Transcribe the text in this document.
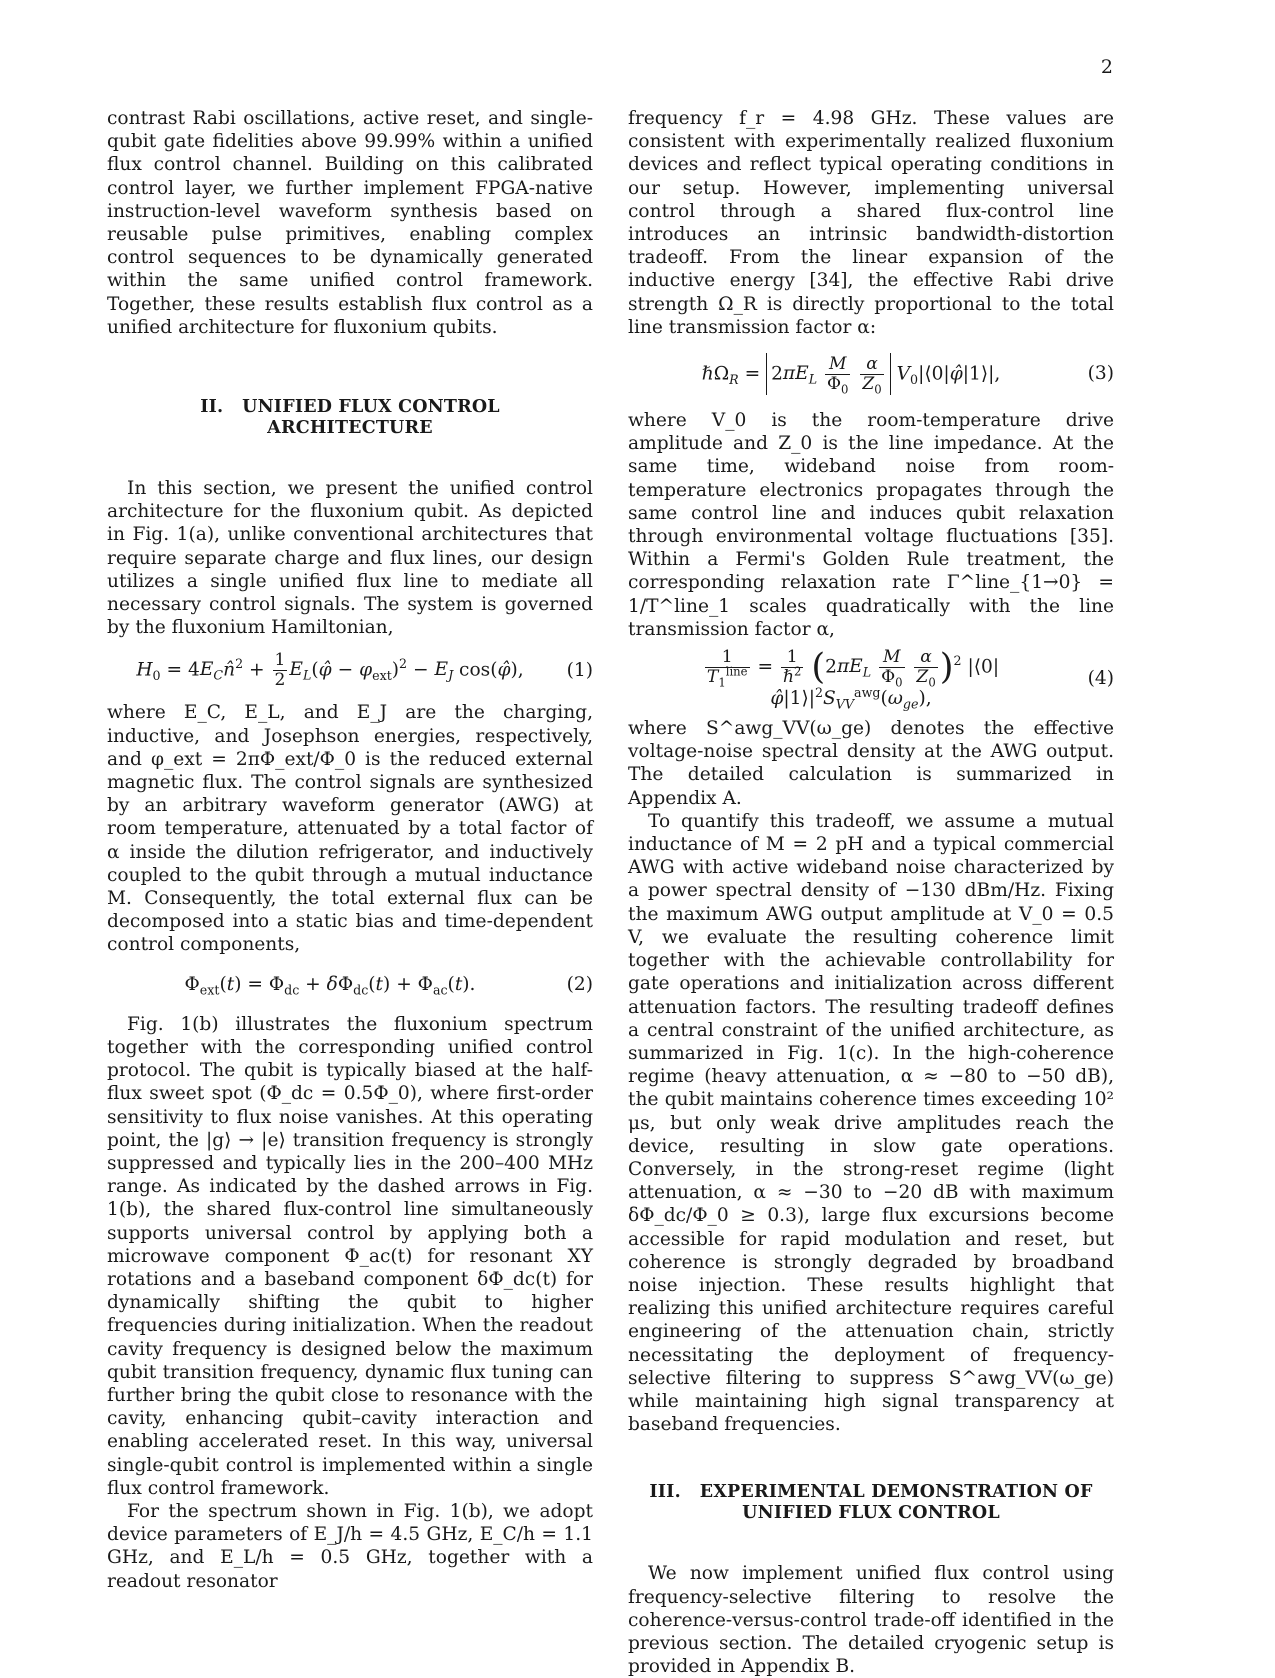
2

contrast Rabi oscillations, active reset, and single-qubit gate fidelities above 99.99% within a unified flux control channel. Building on this calibrated control layer, we further implement FPGA-native instruction-level waveform synthesis based on reusable pulse primitives, enabling complex control sequences to be dynamically generated within the same unified control framework. Together, these results establish flux control as a unified architecture for fluxonium qubits.

II.   UNIFIED FLUX CONTROL
ARCHITECTURE

In this section, we present the unified control architecture for the fluxonium qubit. As depicted in Fig. 1(a), unlike conventional architectures that require separate charge and flux lines, our design utilizes a single unified flux line to mediate all necessary control signals. The system is governed by the fluxonium Hamiltonian,

$H_0$ = $4E_Cn̂^2 + \frac{1}{2}$ $E_L(\varphî - \varphi_{ext})^2 - E_J$ cos(φ̂),	(1)

where E_C, E_L, and E_J are the charging, inductive, and Josephson energies, respectively, and φ_ext = 2πΦ_ext/Φ_0 is the reduced external magnetic flux. The control signals are synthesized by an arbitrary waveform generator (AWG) at room temperature, attenuated by a total factor of α inside the dilution refrigerator, and inductively coupled to the qubit through a mutual inductance M. Consequently, the total external flux can be decomposed into a static bias and time-dependent control components,

$\Phi_{ext}(t) = \Phi_{dc} + \delta\Phi_{dc}(t) + \Phi_{ac}(t)$.	(2)

Fig. 1(b) illustrates the fluxonium spectrum together with the corresponding unified control protocol. The qubit is typically biased at the half-flux sweet spot (Φ_dc = 0.5Φ_0), where first-order sensitivity to flux noise vanishes. At this operating point, the |g⟩ → |e⟩ transition frequency is strongly suppressed and typically lies in the 200–400 MHz range. As indicated by the dashed arrows in Fig. 1(b), the shared flux-control line simultaneously supports universal control by applying both a microwave component Φ_ac(t) for resonant XY rotations and a baseband component δΦ_dc(t) for dynamically shifting the qubit to higher frequencies during initialization. When the readout cavity frequency is designed below the maximum qubit transition frequency, dynamic flux tuning can further bring the qubit close to resonance with the cavity, enhancing qubit–cavity interaction and enabling accelerated reset. In this way, universal single-qubit control is implemented within a single flux control framework.

For the spectrum shown in Fig. 1(b), we adopt device parameters of E_J/h = 4.5 GHz, E_C/h = 1.1 GHz, and E_L/h = 0.5 GHz, together with a readout resonator

frequency f_r = 4.98 GHz. These values are consistent with experimentally realized fluxonium devices and reflect typical operating conditions in our setup. However, implementing universal control through a shared flux-control line introduces an intrinsic bandwidth-distortion tradeoff. From the linear expansion of the inductive energy [34], the effective Rabi drive strength Ω_R is directly proportional to the total line transmission factor α:

ℏΩ$_R$ = $2\pi E_L \frac{M}{\Phi_0}$
$\frac{\alpha}{Z_0}$ $V_0|⟨0|\varphî|1⟩|$,	(3)

where V_0 is the room-temperature drive amplitude and Z_0 is the line impedance. At the same time, wideband noise from room-temperature electronics propagates through the same control line and induces qubit relaxation through environmental voltage fluctuations [35]. Within a Fermi's Golden Rule treatment, the corresponding relaxation rate Γ^line_{1→0} = 1/T^line_1 scales quadratically with the line transmission factor α,

$\frac{1}{T_1^{line}} = \frac{1}{\hbar^2} (2\pi E_L \frac{M}{\Phi_0}$
$\frac{\alpha}{Z_0} )^2$ $|⟨0|\varphî|1⟩|^2S_{VV}^{awg}(\omega_{ge})$,
(4)

where S^awg_VV(ω_ge) denotes the effective voltage-noise spectral density at the AWG output. The detailed calculation is summarized in Appendix A.

To quantify this tradeoff, we assume a mutual inductance of M = 2 pH and a typical commercial AWG with active wideband noise characterized by a power spectral density of −130 dBm/Hz. Fixing the maximum AWG output amplitude at V_0 = 0.5 V, we evaluate the resulting coherence limit together with the achievable controllability for gate operations and initialization across different attenuation factors. The resulting tradeoff defines a central constraint of the unified architecture, as summarized in Fig. 1(c). In the high-coherence regime (heavy attenuation, α ≈ −80 to −50 dB), the qubit maintains coherence times exceeding 10² μs, but only weak drive amplitudes reach the device, resulting in slow gate operations. Conversely, in the strong-reset regime (light attenuation, α ≈ −30 to −20 dB with maximum δΦ_dc/Φ_0 ≥ 0.3), large flux excursions become accessible for rapid modulation and reset, but coherence is strongly degraded by broadband noise injection. These results highlight that realizing this unified architecture requires careful engineering of the attenuation chain, strictly necessitating the deployment of frequency-selective filtering to suppress S^awg_VV(ω_ge) while maintaining high signal transparency at baseband frequencies.

III.   EXPERIMENTAL DEMONSTRATION OF
UNIFIED FLUX CONTROL

We now implement unified flux control using frequency-selective filtering to resolve the coherence-versus-control trade-off identified in the previous section. The detailed cryogenic setup is provided in Appendix B.
